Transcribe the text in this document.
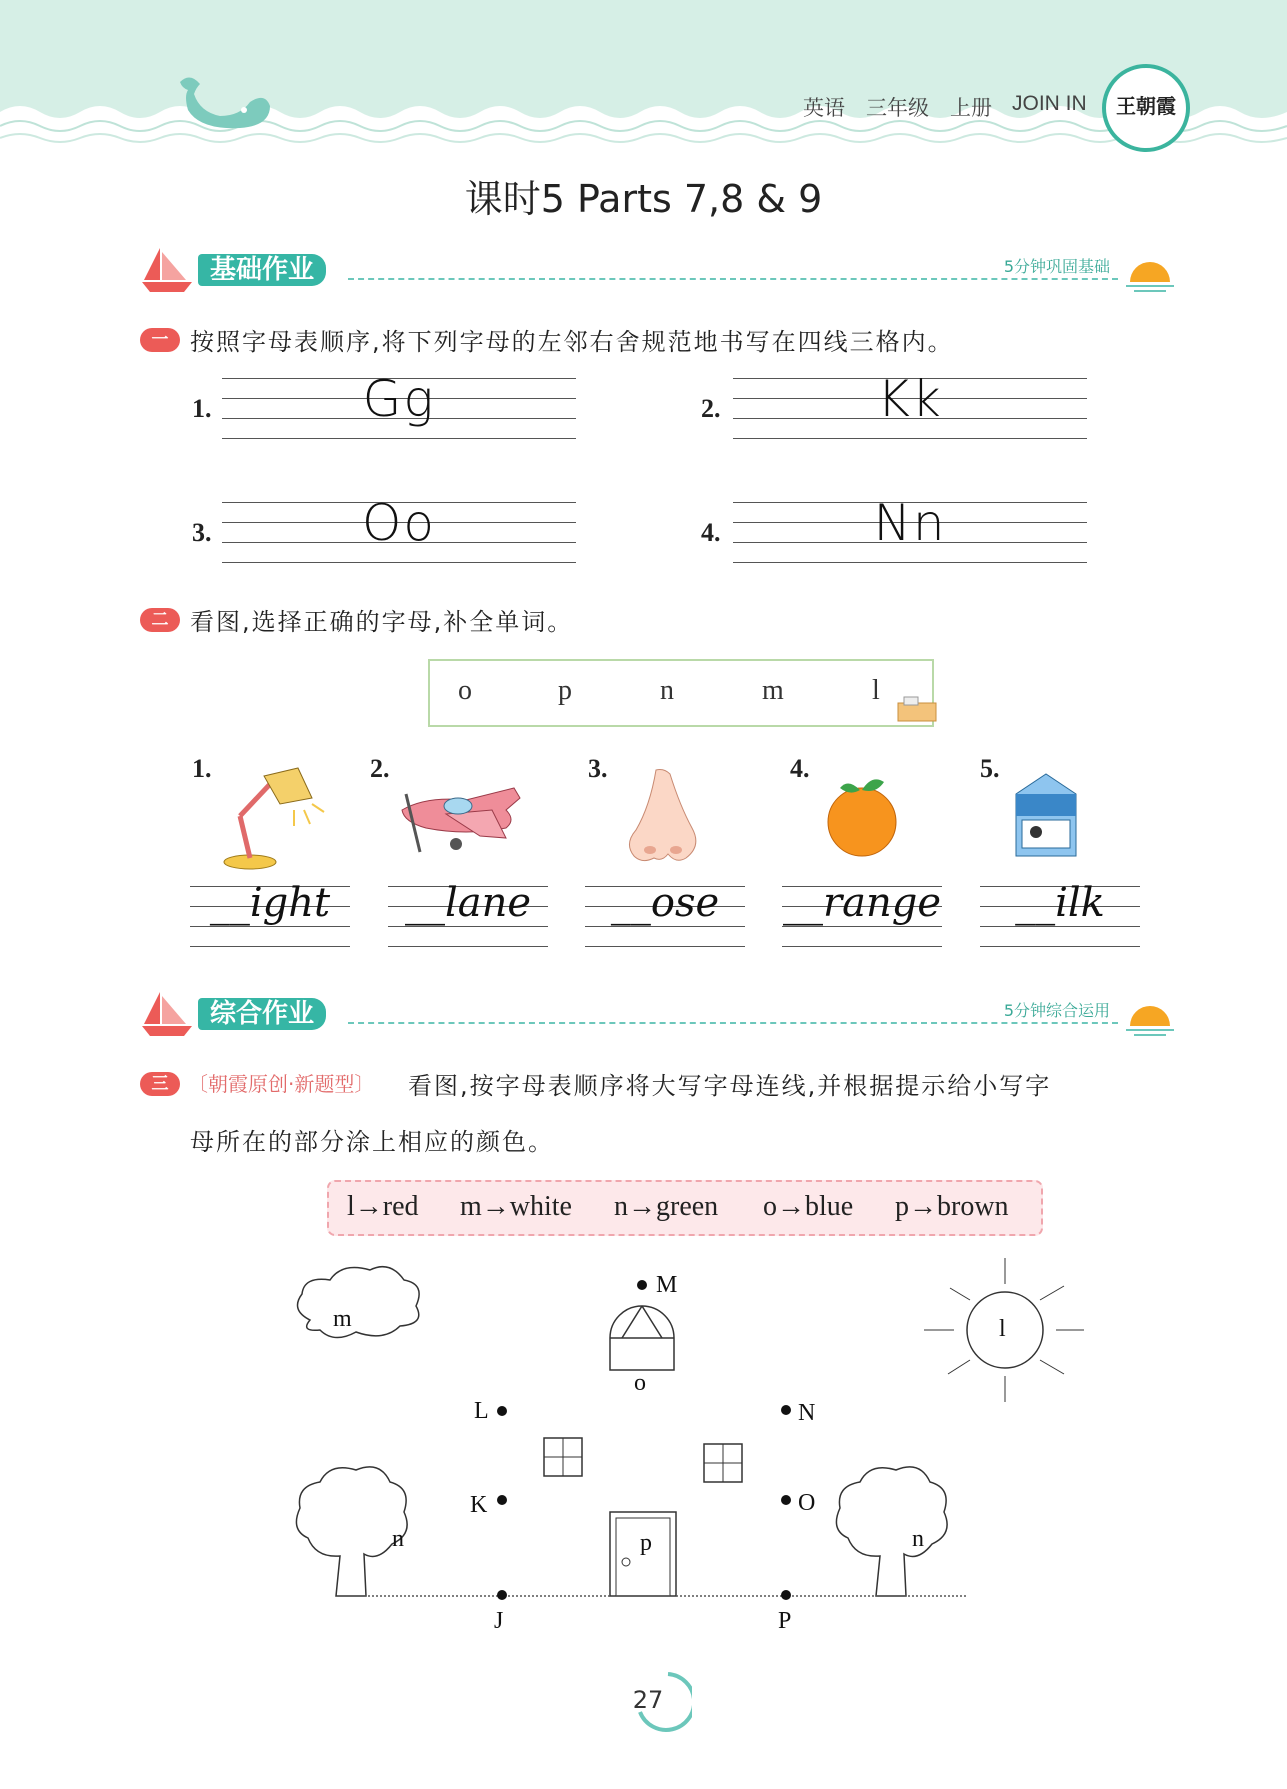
英语 三年级 上册 JOIN IN	王朝霞
课时5 Parts 7,8 & 9
基础作业	5分钟巩固基础
一 按照字母表顺序,将下列字母的左邻右舍规范地书写在四线三格内。
1.	Gg	2.	Kk
3.	Oo	4.	Nn
二 看图,选择正确的字母,补全单词。
o	p	n	m	l
1.	2.	3.	4.	5.
__ight	__lane	__ose	__range	__ilk
综合作业	5分钟综合运用
三 〔朝霞原创·新题型〕 看图,按字母表顺序将大写字母连线,并根据提示给小写字
母所在的部分涂上相应的颜色。
l→red m→white n→green o→blue p→brown
m	l
o
p
n	n
M
L	N
K	O
J	P
27
